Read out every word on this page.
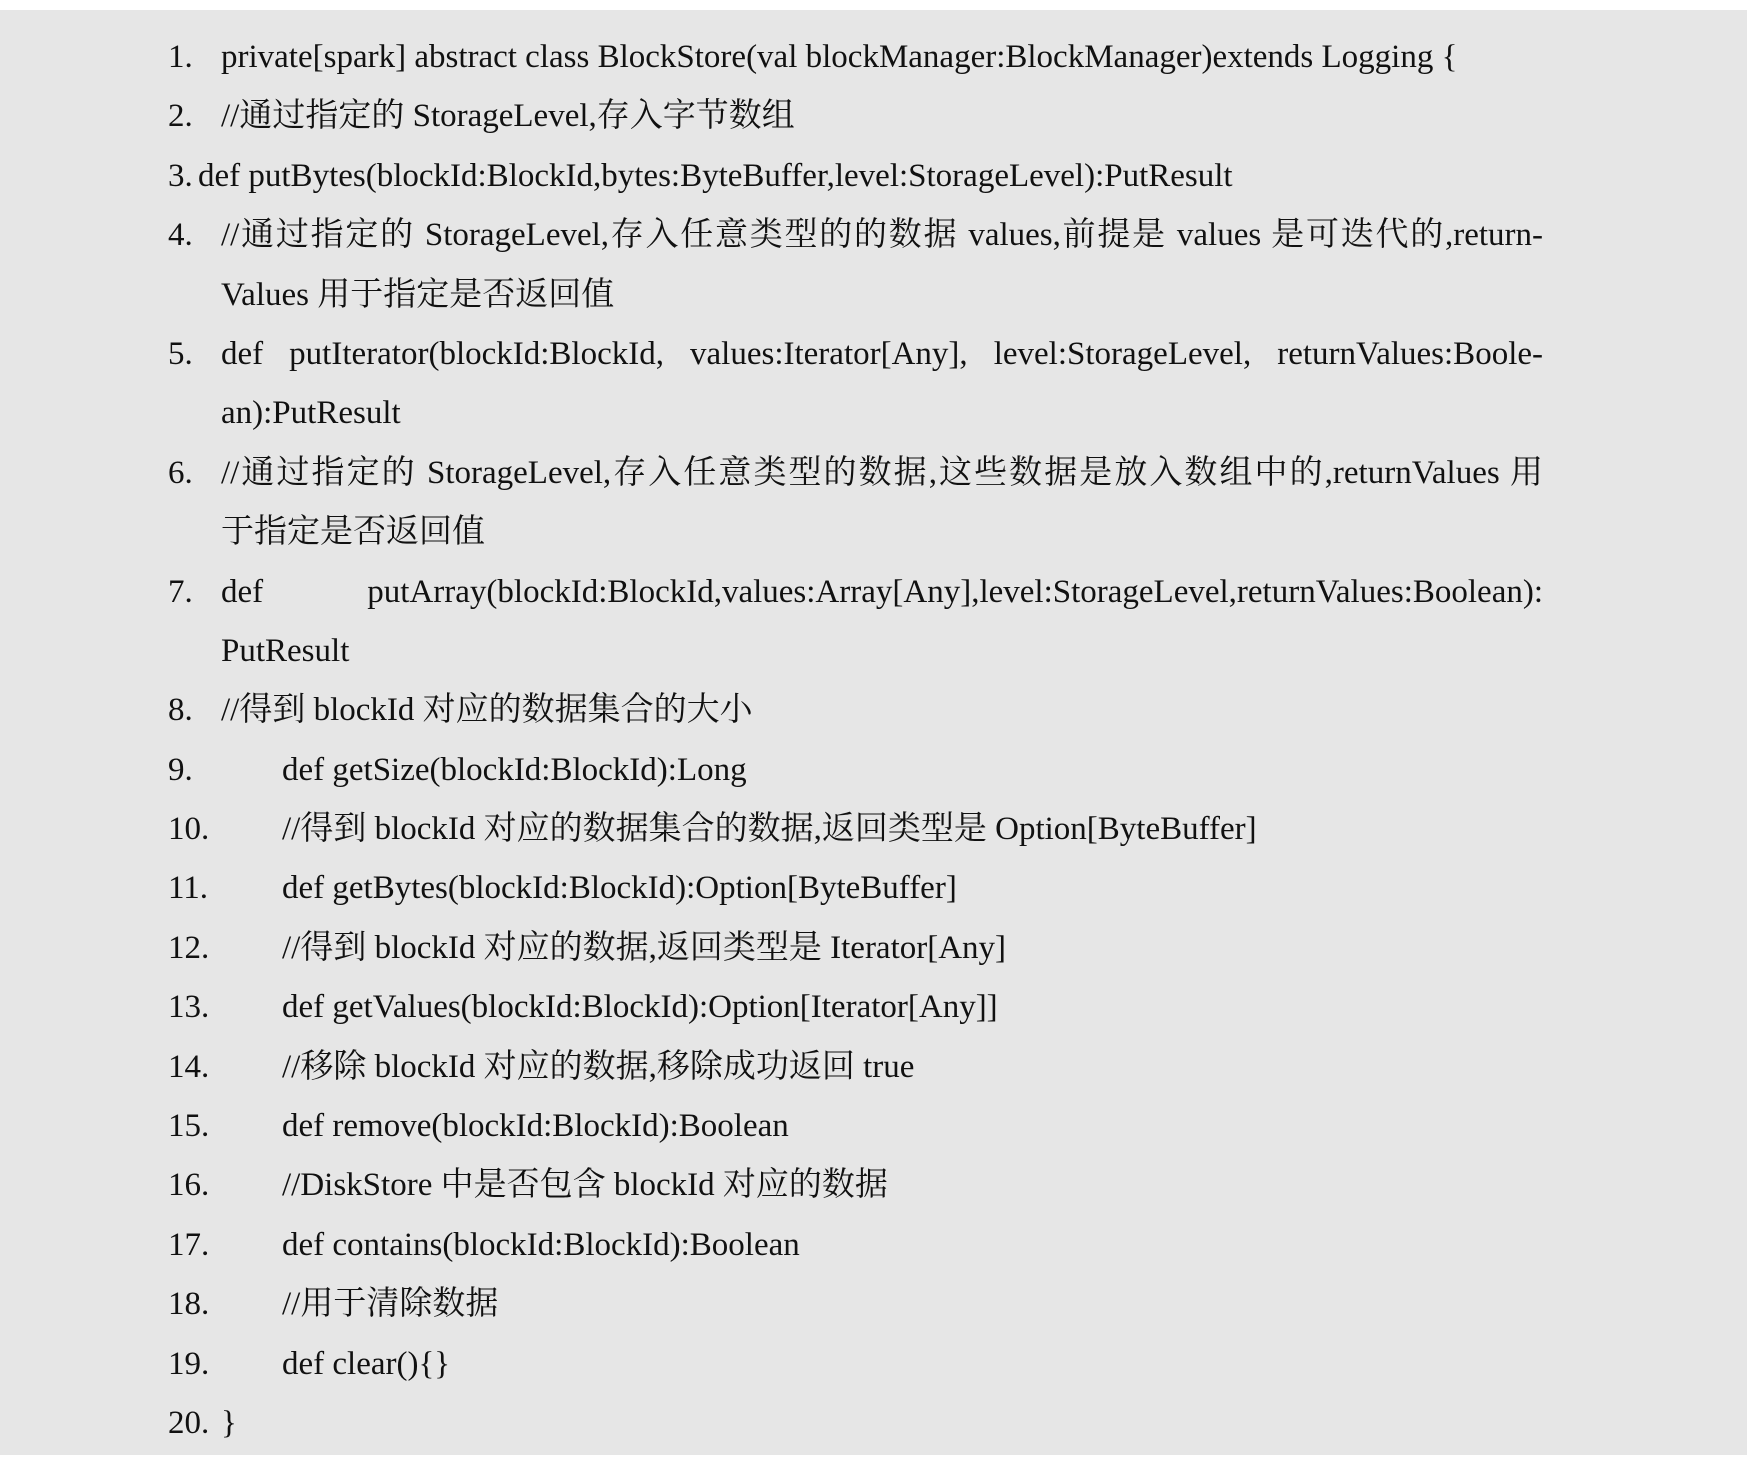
1. private[spark] abstract class BlockStore(val blockManager:BlockManager)extends Logging {
2. //通过指定的 StorageLevel,存入字节数组
3. def putBytes(blockId:BlockId,bytes:ByteBuffer,level:StorageLevel):PutResult
4. //通过指定的 StorageLevel,存入任意类型的的数据 values,前提是 values 是可迭代的,return-
Values 用于指定是否返回值
5. def putIterator(blockId:BlockId, values:Iterator[Any], level:StorageLevel, returnValues:Boole-
an):PutResult
6. //通过指定的 StorageLevel,存入任意类型的数据,这些数据是放入数组中的,returnValues 用
于指定是否返回值
7. def putArray(blockId:BlockId,values:Array[Any],level:StorageLevel,returnValues:Boolean):
PutResult
8. //得到 blockId 对应的数据集合的大小
9.	def getSize(blockId:BlockId):Long
10.	//得到 blockId 对应的数据集合的数据,返回类型是 Option[ByteBuffer]
11.	def getBytes(blockId:BlockId):Option[ByteBuffer]
12.	//得到 blockId 对应的数据,返回类型是 Iterator[Any]
13.	def getValues(blockId:BlockId):Option[Iterator[Any]]
14.	//移除 blockId 对应的数据,移除成功返回 true
15.	def remove(blockId:BlockId):Boolean
16.	//DiskStore 中是否包含 blockId 对应的数据
17.	def contains(blockId:BlockId):Boolean
18.	//用于清除数据
19.	def clear(){}
20. }
